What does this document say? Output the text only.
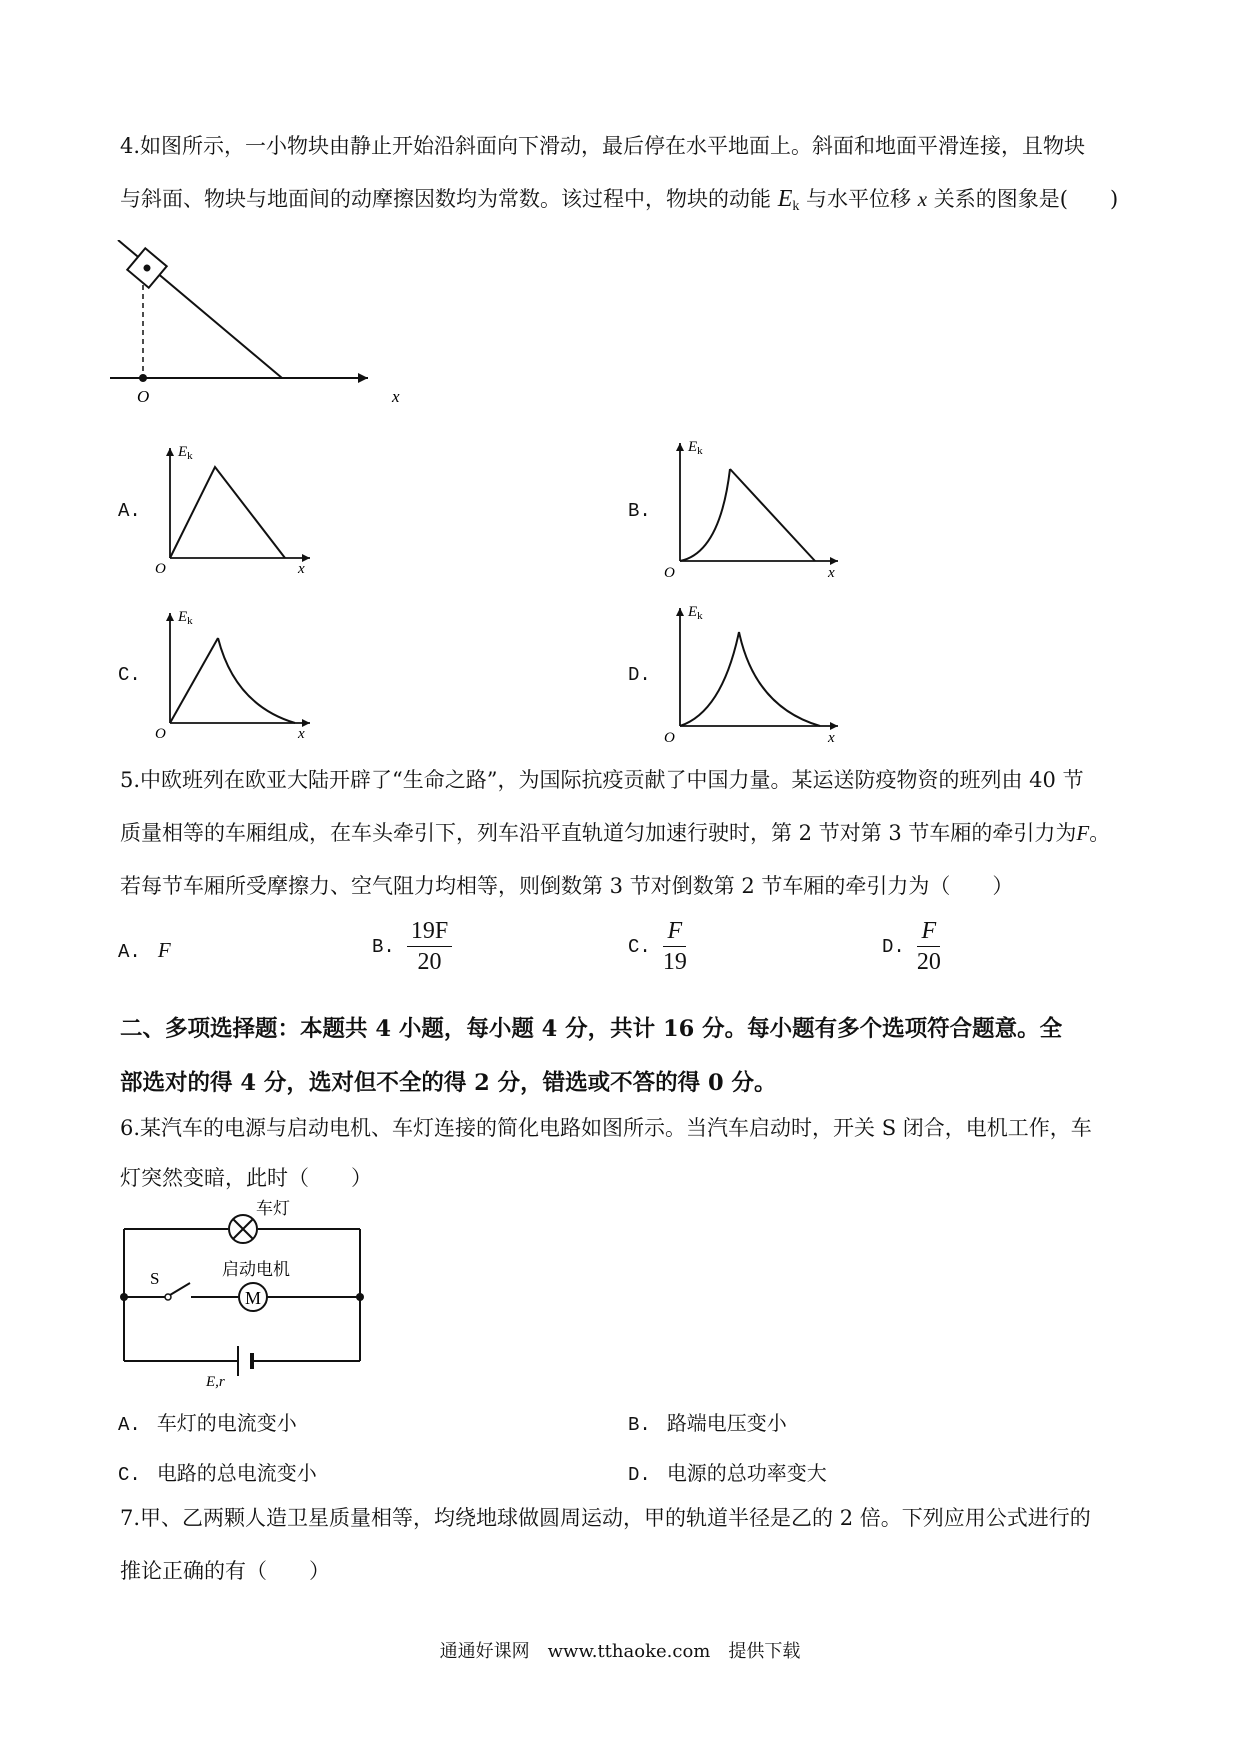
4.如图所示，一小物块由静止开始沿斜面向下滑动，最后停在水平地面上。斜面和地面平滑连接，且物块
与斜面、物块与地面间的动摩擦因数均为常数。该过程中，物块的动能 $E_k$ 与水平位移 x 关系的图象是(　　)
O	x
A.
$E_k$
O	x
B.
$E_k$
O	x
C.
$E_k$
O	x
D.
$E_k$
O	x
5.中欧班列在欧亚大陆开辟了“生命之路”，为国际抗疫贡献了中国力量。某运送防疫物资的班列由 40 节
质量相等的车厢组成，在车头牵引下，列车沿平直轨道匀加速行驶时，第 2 节对第 3 节车厢的牵引力为F。
若每节车厢所受摩擦力、空气阻力均相等，则倒数第 3 节对倒数第 2 节车厢的牵引力为（　　）
A. F	B. $\frac{19F}{20}$	C. $\frac{F}{19}$	D. $\frac{F}{20}$
二、多项选择题：本题共 4 小题，每小题 4 分，共计 16 分。每小题有多个选项符合题意。全
部选对的得 4 分，选对但不全的得 2 分，错选或不答的得 0 分。
6.某汽车的电源与启动电机、车灯连接的简化电路如图所示。当汽车启动时，开关 S 闭合，电机工作，车
灯突然变暗，此时（　　）
车灯
S
M
启动电机
E,r
A. 车灯的电流变小	B. 路端电压变小
C. 电路的总电流变小	D. 电源的总功率变大
7.甲、乙两颗人造卫星质量相等，均绕地球做圆周运动，甲的轨道半径是乙的 2 倍。下列应用公式进行的
推论正确的有（　　）
通通好课网　www.tthaoke.com　提供下载
